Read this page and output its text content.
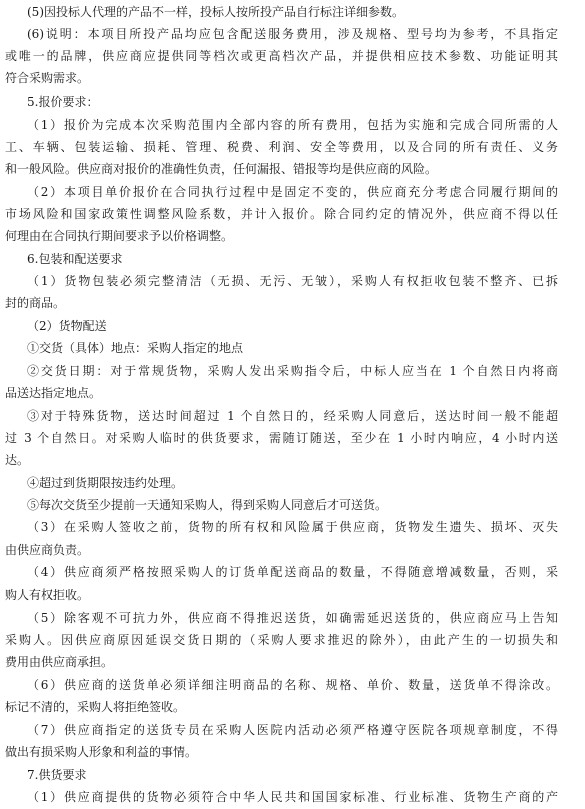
(5)因投标人代理的产品不一样，投标人按所投产品自行标注详细参数。

(6)说明：本项目所投产品均应包含配送服务费用，涉及规格、型号均为参考，不具指定

或唯一的品牌，供应商应提供同等档次或更高档次产品，并提供相应技术参数、功能证明其

符合采购需求。

5.报价要求：

（1）报价为完成本次采购范围内全部内容的所有费用，包括为实施和完成合同所需的人

工、车辆、包装运输、损耗、管理、税费、利润、安全等费用，以及合同的所有责任、义务

和一般风险。供应商对报价的准确性负责，任何漏报、错报等均是供应商的风险。

（2）本项目单价报价在合同执行过程中是固定不变的，供应商充分考虑合同履行期间的

市场风险和国家政策性调整风险系数，并计入报价。除合同约定的情况外，供应商不得以任

何理由在合同执行期间要求予以价格调整。

6.包装和配送要求

（1）货物包装必须完整清洁（无损、无污、无皱），采购人有权拒收包装不整齐、已拆

封的商品。

（2）货物配送

①交货（具体）地点：采购人指定的地点

②交货日期：对于常规货物，采购人发出采购指令后，中标人应当在 1 个自然日内将商

品送达指定地点。

③对于特殊货物，送达时间超过 1 个自然日的，经采购人同意后，送达时间一般不能超

过 3 个自然日。对采购人临时的供货要求，需随订随送，至少在 1 小时内响应，4 小时内送

达。

④超过到货期限按违约处理。

⑤每次交货至少提前一天通知采购人，得到采购人同意后才可送货。

（3）在采购人签收之前，货物的所有权和风险属于供应商，货物发生遗失、损坏、灭失

由供应商负责。

（4）供应商须严格按照采购人的订货单配送商品的数量，不得随意增减数量，否则，采

购人有权拒收。

（5）除客观不可抗力外，供应商不得推迟送货，如确需延迟送货的，供应商应马上告知

采购人。因供应商原因延误交货日期的（采购人要求推迟的除外），由此产生的一切损失和

费用由供应商承担。

（6）供应商的送货单必须详细注明商品的名称、规格、单价、数量，送货单不得涂改。

标记不清的，采购人将拒绝签收。

（7）供应商指定的送货专员在采购人医院内活动必须严格遵守医院各项规章制度，不得

做出有损采购人形象和利益的事情。

7.供货要求

（1）供应商提供的货物必须符合中华人民共和国国家标准、行业标准、货物生产商的产
